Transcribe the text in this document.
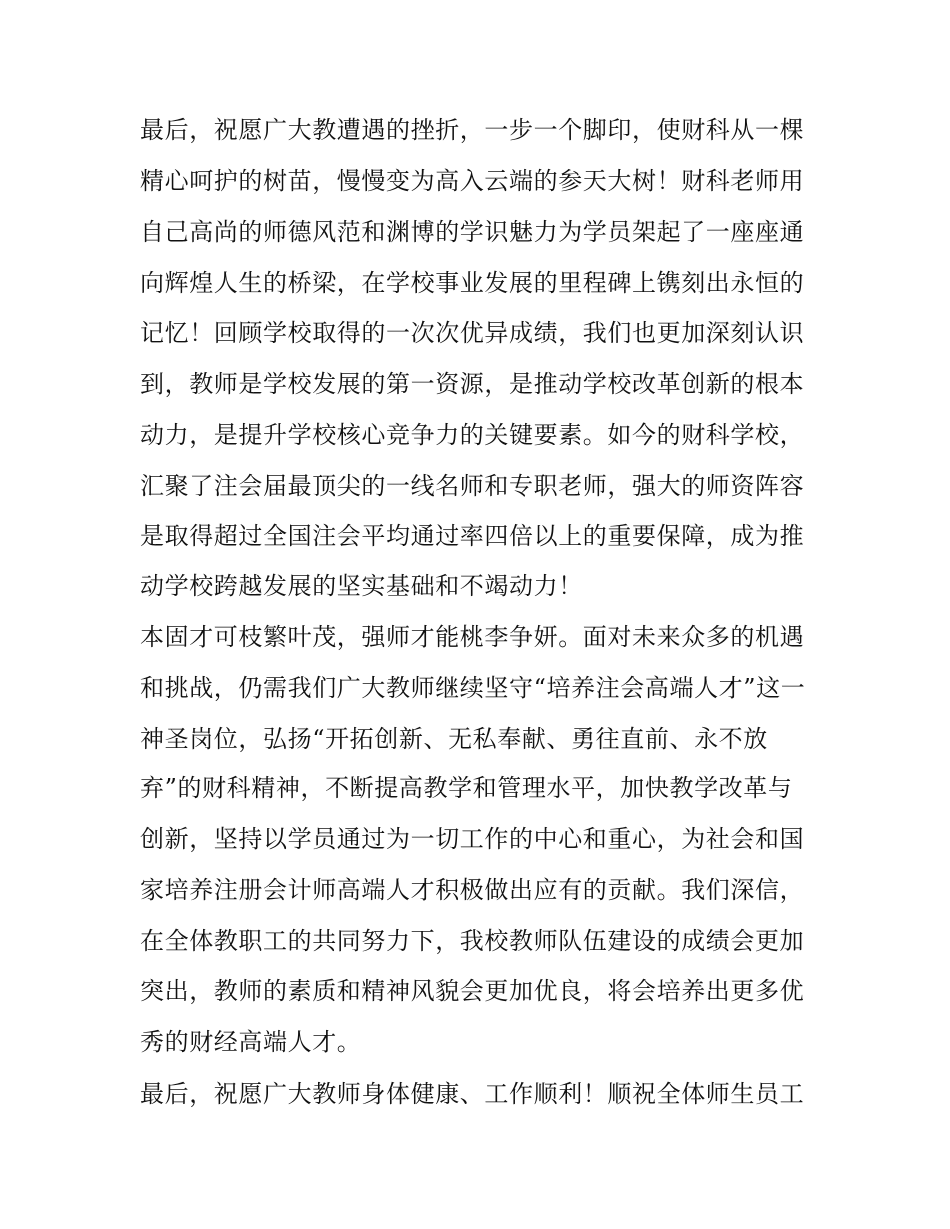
最后，祝愿广大教遭遇的挫折，一步一个脚印，使财科从一棵
精心呵护的树苗，慢慢变为高入云端的参天大树！财科老师用
自己高尚的师德风范和渊博的学识魅力为学员架起了一座座通
向辉煌人生的桥梁，在学校事业发展的里程碑上镌刻出永恒的
记忆！回顾学校取得的一次次优异成绩，我们也更加深刻认识
到，教师是学校发展的第一资源，是推动学校改革创新的根本
动力，是提升学校核心竞争力的关键要素。如今的财科学校，
汇聚了注会届最顶尖的一线名师和专职老师，强大的师资阵容
是取得超过全国注会平均通过率四倍以上的重要保障，成为推
动学校跨越发展的坚实基础和不竭动力！
本固才可枝繁叶茂，强师才能桃李争妍。面对未来众多的机遇
和挑战，仍需我们广大教师继续坚守“培养注会高端人才”这一
神圣岗位，弘扬“开拓创新、无私奉献、勇往直前、永不放
弃”的财科精神，不断提高教学和管理水平，加快教学改革与
创新，坚持以学员通过为一切工作的中心和重心，为社会和国
家培养注册会计师高端人才积极做出应有的贡献。我们深信，
在全体教职工的共同努力下，我校教师队伍建设的成绩会更加
突出，教师的素质和精神风貌会更加优良，将会培养出更多优
秀的财经高端人才。
最后，祝愿广大教师身体健康、工作顺利！顺祝全体师生员工
